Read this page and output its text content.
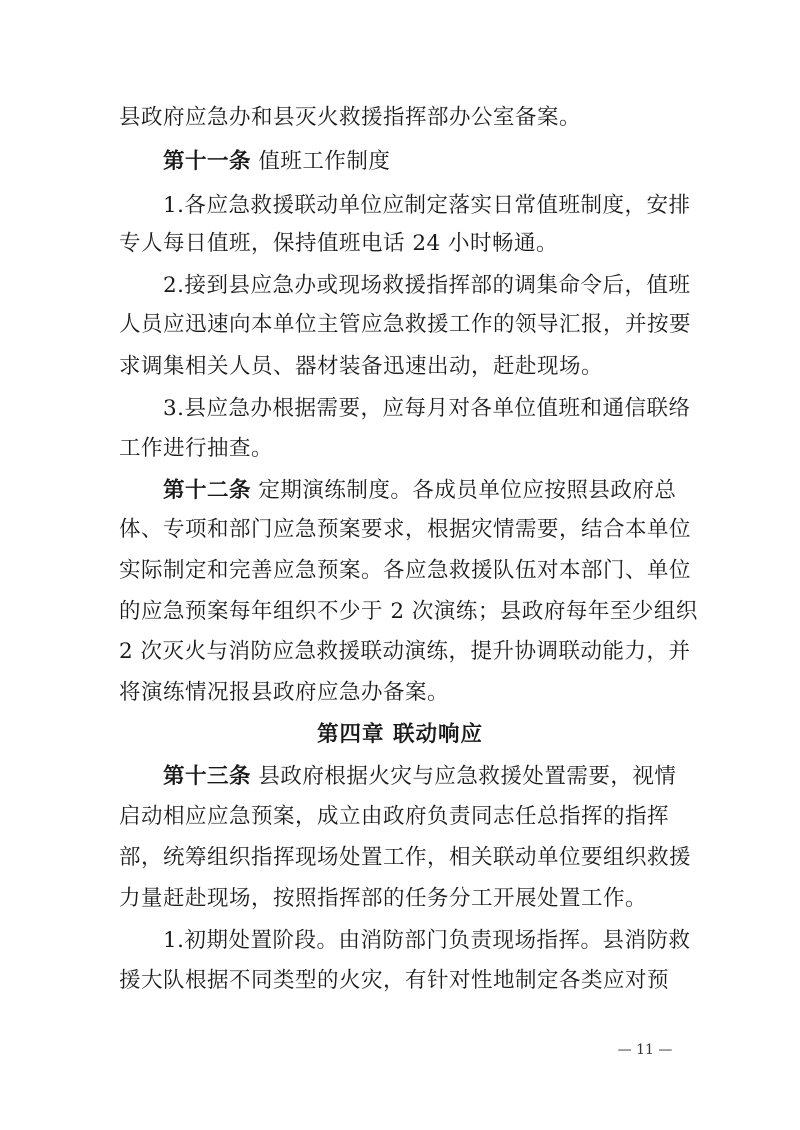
县政府应急办和县灭火救援指挥部办公室备案。
第十一条 值班工作制度
1.各应急救援联动单位应制定落实日常值班制度，安排
专人每日值班，保持值班电话 24 小时畅通。
2.接到县应急办或现场救援指挥部的调集命令后，值班
人员应迅速向本单位主管应急救援工作的领导汇报，并按要
求调集相关人员、器材装备迅速出动，赶赴现场。
3.县应急办根据需要，应每月对各单位值班和通信联络
工作进行抽查。
第十二条 定期演练制度。各成员单位应按照县政府总
体、专项和部门应急预案要求，根据灾情需要，结合本单位
实际制定和完善应急预案。各应急救援队伍对本部门、单位
的应急预案每年组织不少于 2 次演练；县政府每年至少组织
2 次灭火与消防应急救援联动演练，提升协调联动能力，并
将演练情况报县政府应急办备案。
第四章 联动响应
第十三条 县政府根据火灾与应急救援处置需要，视情
启动相应应急预案，成立由政府负责同志任总指挥的指挥
部，统筹组织指挥现场处置工作，相关联动单位要组织救援
力量赶赴现场，按照指挥部的任务分工开展处置工作。
1.初期处置阶段。由消防部门负责现场指挥。县消防救
援大队根据不同类型的火灾，有针对性地制定各类应对预
— 11 —
